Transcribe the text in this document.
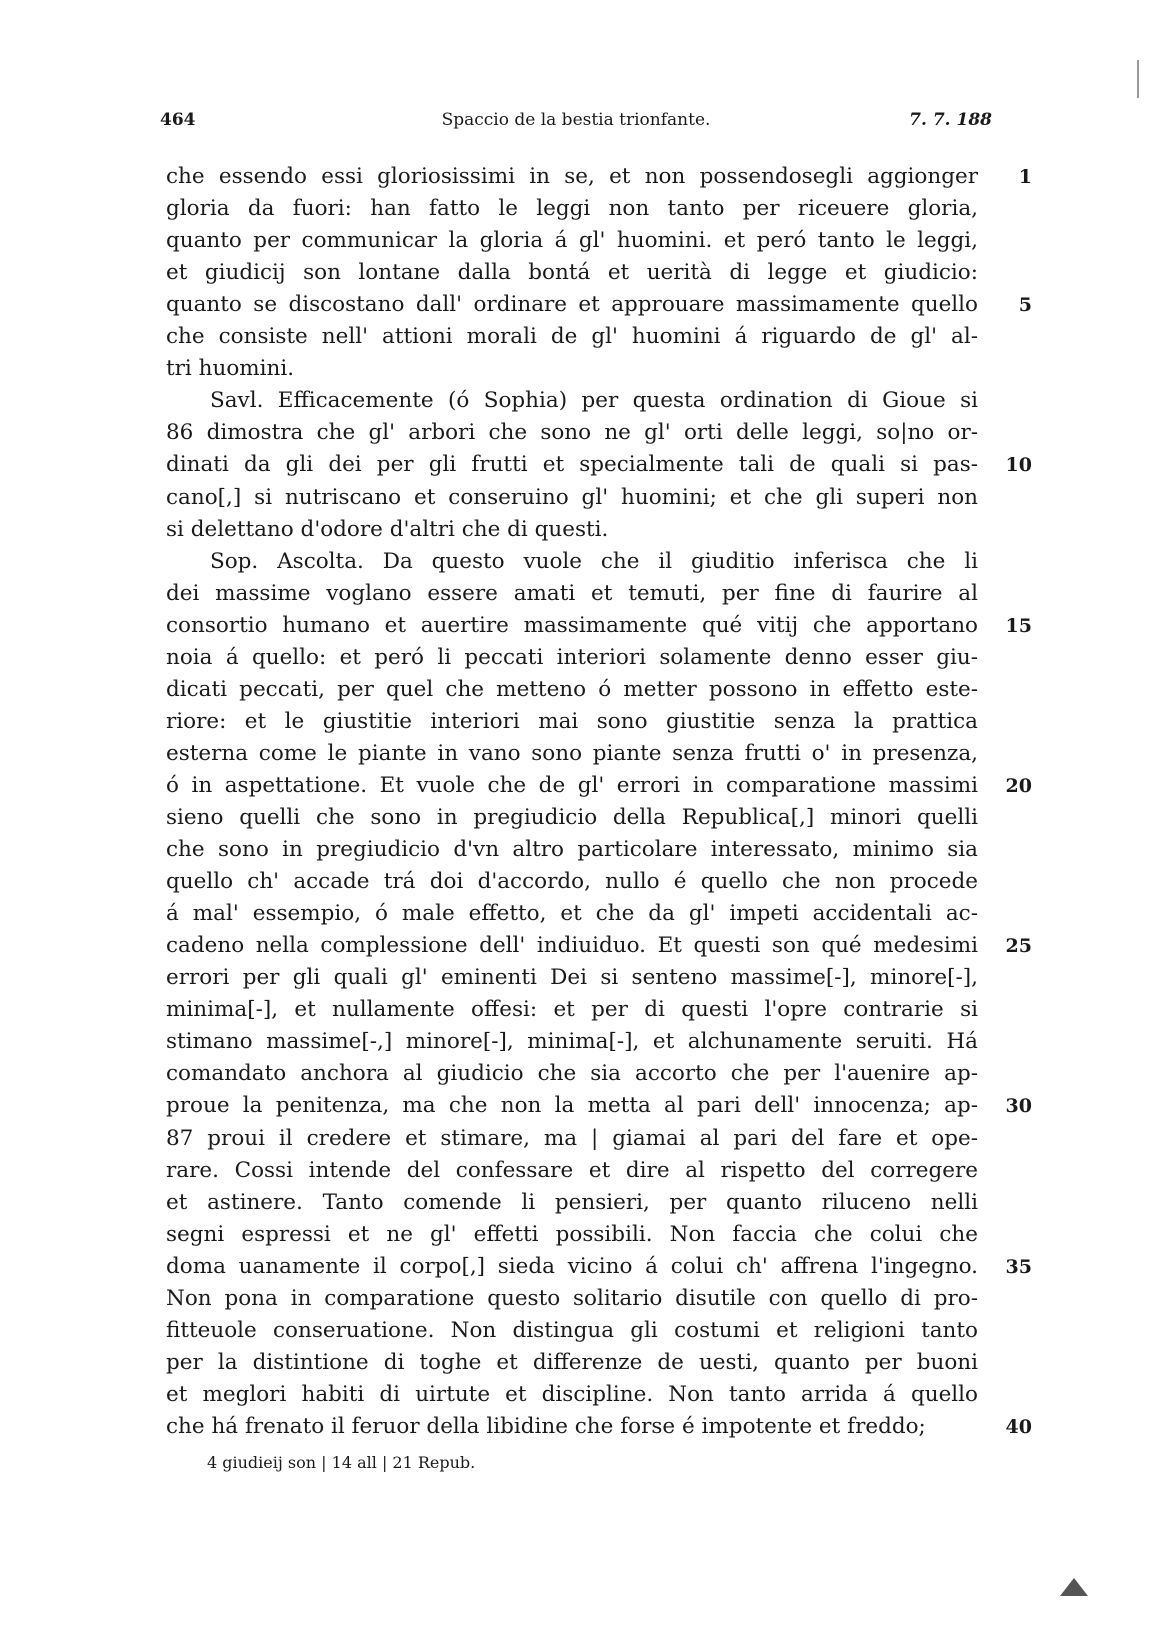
464	Spaccio de la bestia trionfante.	7. 7. 188
che essendo essi gloriosissimi in se, et non possendosegli aggionger	1
gloria da fuori: han fatto le leggi non tanto per riceuere gloria,
quanto per communicar la gloria á gl' huomini. et peró tanto le leggi,
et giudicij son lontane dalla bontá et uerità di legge et giudicio:
quanto se discostano dall' ordinare et approuare massimamente quello	5
che consiste nell' attioni morali de gl' huomini á riguardo de gl' al-
tri huomini.
Savl. Efficacemente (ó Sophia) per questa ordination di Gioue si
86 dimostra che gl' arbori che sono ne gl' orti delle leggi, so|no or-
dinati da gli dei per gli frutti et specialmente tali de quali si pas-	10
cano[,] si nutriscano et conseruino gl' huomini; et che gli superi non
si delettano d'odore d'altri che di questi.
Sop. Ascolta. Da questo vuole che il giuditio inferisca che li
dei massime voglano essere amati et temuti, per fine di faurire al
consortio humano et auertire massimamente qué vitij che apportano	15
noia á quello: et peró li peccati interiori solamente denno esser giu-
dicati peccati, per quel che metteno ó metter possono in effetto este-
riore: et le giustitie interiori mai sono giustitie senza la prattica
esterna come le piante in vano sono piante senza frutti o' in presenza,
ó in aspettatione. Et vuole che de gl' errori in comparatione massimi	20
sieno quelli che sono in pregiudicio della Republica[,] minori quelli
che sono in pregiudicio d'vn altro particolare interessato, minimo sia
quello ch' accade trá doi d'accordo, nullo é quello che non procede
á mal' essempio, ó male effetto, et che da gl' impeti accidentali ac-
cadeno nella complessione dell' indiuiduo. Et questi son qué medesimi	25
errori per gli quali gl' eminenti Dei si senteno massime[-], minore[-],
minima[-], et nullamente offesi: et per di questi l'opre contrarie si
stimano massime[-,] minore[-], minima[-], et alchunamente seruiti. Há
comandato anchora al giudicio che sia accorto che per l'auenire ap-
proue la penitenza, ma che non la metta al pari dell' innocenza; ap-	30
87 proui il credere et stimare, ma | giamai al pari del fare et ope-
rare. Cossi intende del confessare et dire al rispetto del corregere
et astinere. Tanto comende li pensieri, per quanto riluceno nelli
segni espressi et ne gl' effetti possibili. Non faccia che colui che
doma uanamente il corpo[,] sieda vicino á colui ch' affrena l'ingegno.	35
Non pona in comparatione questo solitario disutile con quello di pro-
fitteuole conseruatione. Non distingua gli costumi et religioni tanto
per la distintione di toghe et differenze de uesti, quanto per buoni
et meglori habiti di uirtute et discipline. Non tanto arrida á quello
che há frenato il feruor della libidine che forse é impotente et freddo;	40
4 giudieij son | 14 all | 21 Repub.
